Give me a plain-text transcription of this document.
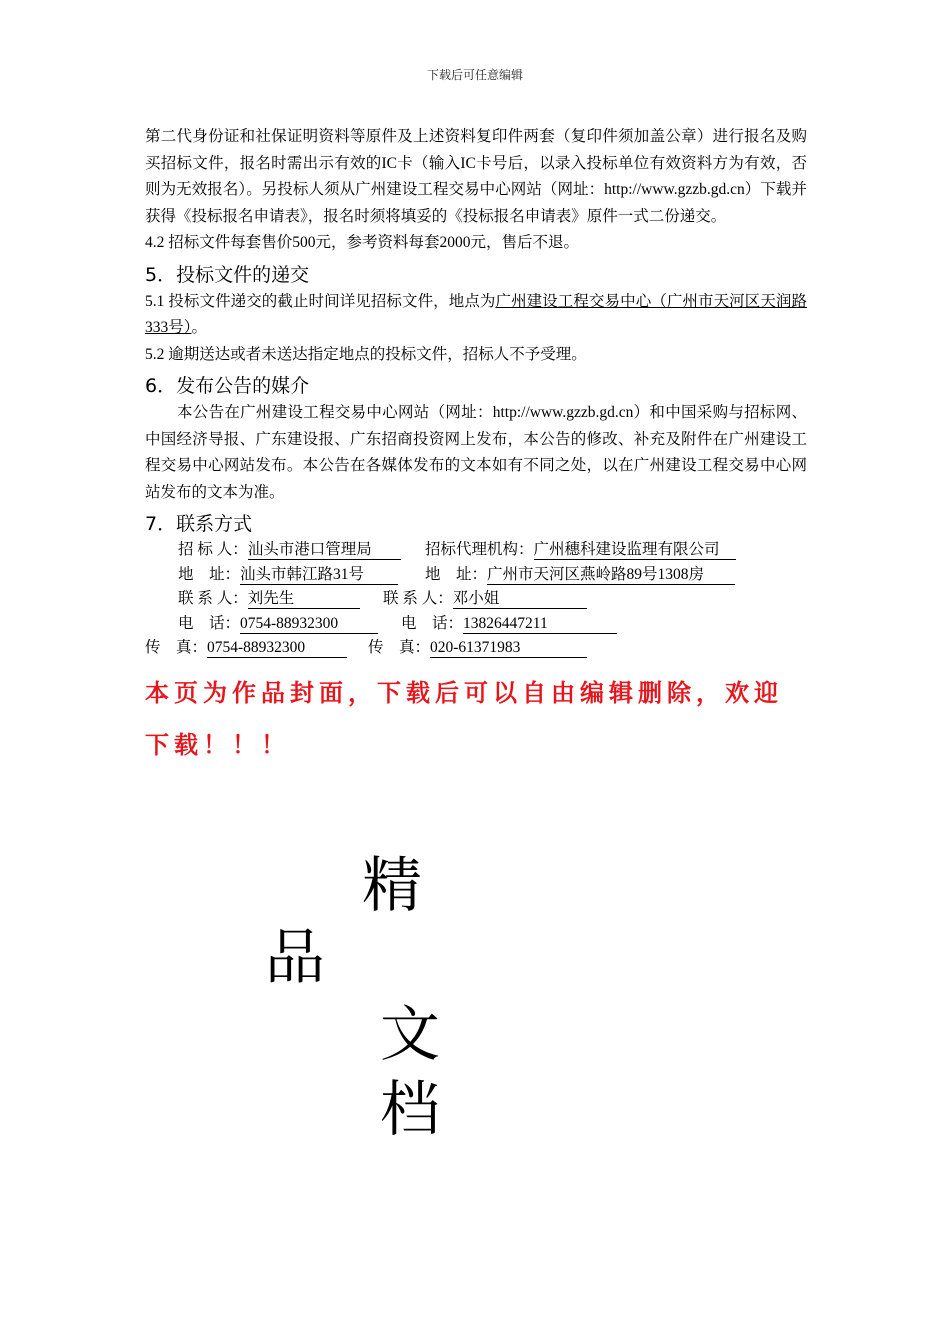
下载后可任意编辑

第二代身份证和社保证明资料等原件及上述资料复印件两套（复印件须加盖公章）进行报名及购买招标文件，报名时需出示有效的IC卡（输入IC卡号后，以录入投标单位有效资料方为有效，否则为无效报名）。另投标人须从广州建设工程交易中心网站（网址：http://www.gzzb.gd.cn）下载并获得《投标报名申请表》，报名时须将填妥的《投标报名申请表》原件一式二份递交。

4.2 招标文件每套售价500元，参考资料每套2000元，售后不退。

5．投标文件的递交

5.1 投标文件递交的截止时间详见招标文件，地点为广州建设工程交易中心（广州市天河区天润路333号）。

5.2 逾期送达或者未送达指定地点的投标文件，招标人不予受理。

6．发布公告的媒介

本公告在广州建设工程交易中心网站（网址：http://www.gzzb.gd.cn）和中国采购与招标网、中国经济导报、广东建设报、广东招商投资网上发布，本公告的修改、补充及附件在广州建设工程交易中心网站发布。本公告在各媒体发布的文本如有不同之处，以在广州建设工程交易中心网站发布的文本为准。

7．联系方式
招 标 人：汕头市港口管理局	招标代理机构：广州穗科建设监理有限公司
地　址：汕头市韩江路31号	地　址：广州市天河区燕岭路89号1308房
联 系 人：刘先生	联 系 人：邓小姐
电　话：0754-88932300	电　话：13826447211
传　真：0754-88932300	传　真：020-61371983
本页为作品封面，下载后可以自由编辑删除，欢迎下载！！！
精
品
文
档
